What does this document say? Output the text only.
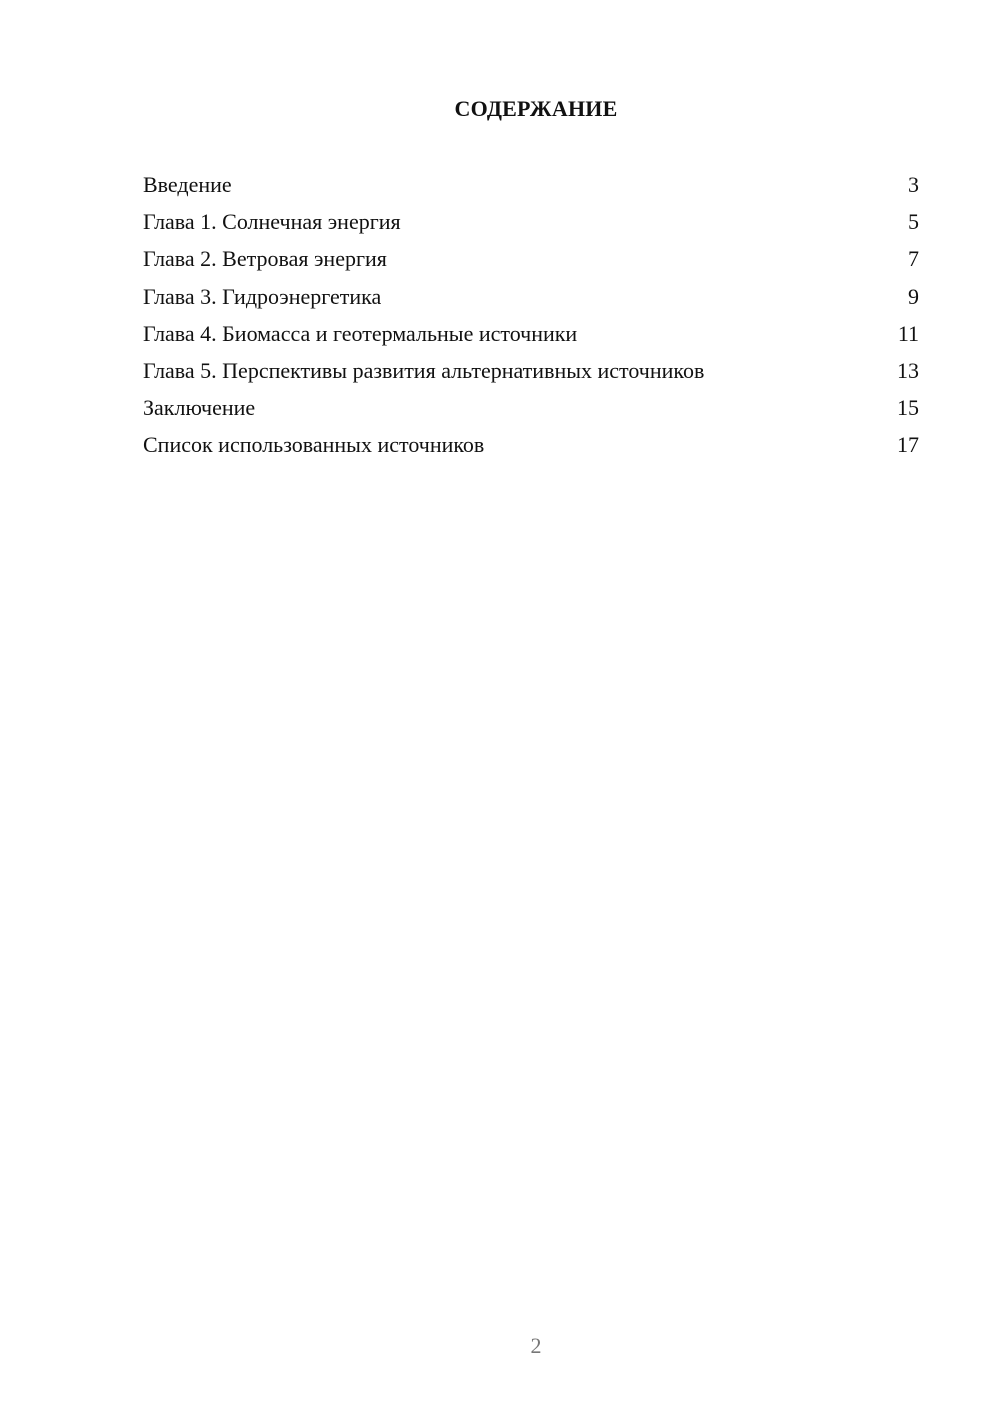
СОДЕРЖАНИЕ
Введение	3
Глава 1. Солнечная энергия	5
Глава 2. Ветровая энергия	7
Глава 3. Гидроэнергетика	9
Глава 4. Биомасса и геотермальные источники	11
Глава 5. Перспективы развития альтернативных источников	13
Заключение	15
Список использованных источников	17
2
